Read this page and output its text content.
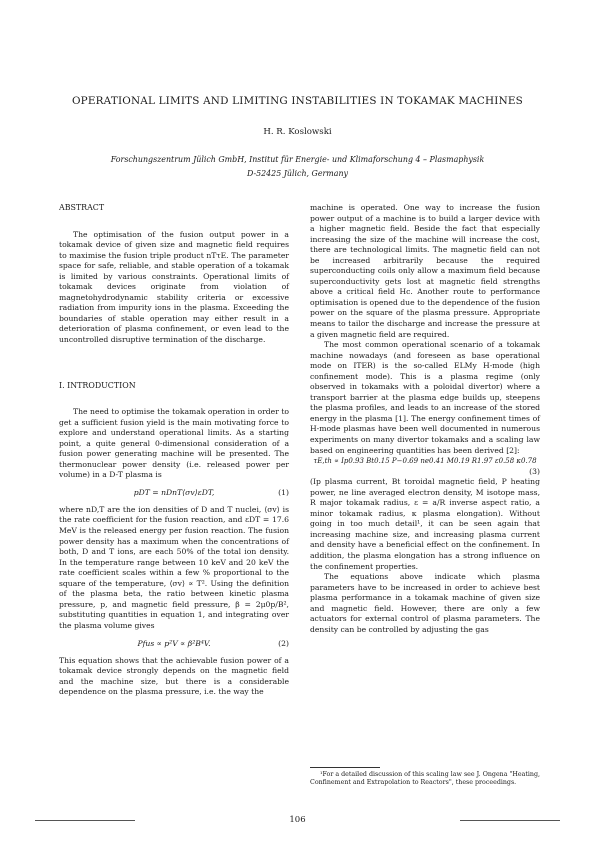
OPERATIONAL LIMITS AND LIMITING INSTABILITIES IN TOKAMAK MACHINES
H. R. Koslowski
Forschungszentrum Jülich GmbH, Institut für Energie- und Klimaforschung 4 – Plasmaphysik
D-52425 Jülich, Germany

ABSTRACT

The optimisation of the fusion output power in a tokamak device of given size and magnetic field requires to maximise the fusion triple product nTτE. The parameter space for safe, reliable, and stable operation of a tokamak is limited by various constraints. Operational limits of tokamak devices originate from violation of magnetohydrodynamic stability criteria or excessive radiation from impurity ions in the plasma. Exceeding the boundaries of stable operation may either result in a deterioration of plasma confinement, or even lead to the uncontrolled disruptive termination of the discharge.

I. INTRODUCTION

The need to optimise the tokamak operation in order to get a sufficient fusion yield is the main motivating force to explore and understand operational limits. As a starting point, a quite general 0-dimensional consideration of a fusion power generating machine will be presented. The thermonuclear power density (i.e. released power per volume) in a D-T plasma is

pDT = nDnT⟨σv⟩εDT,	(1)

where nD,T are the ion densities of D and T nuclei, ⟨σv⟩ is the rate coefficient for the fusion reaction, and εDT = 17.6 MeV is the released energy per fusion reaction. The fusion power density has a maximum when the concentrations of both, D and T ions, are each 50% of the total ion density. In the temperature range between 10 keV and 20 keV the rate coefficient scales within a few % proportional to the square of the temperature, ⟨σv⟩ ∝ T². Using the definition of the plasma beta, the ratio between kinetic plasma pressure, p, and magnetic field pressure, β = 2μ0p/B², substituting quantities in equation 1, and integrating over the plasma volume gives

Pfus ∝ p²V ∝ β²B⁴V.	(2)

This equation shows that the achievable fusion power of a tokamak device strongly depends on the magnetic field and the machine size, but there is a considerable dependence on the plasma pressure, i.e. the way the

machine is operated. One way to increase the fusion power output of a machine is to build a larger device with a higher magnetic field. Beside the fact that especially increasing the size of the machine will increase the cost, there are technological limits. The magnetic field can not be increased arbitrarily because the required superconducting coils only allow a maximum field because superconductivity gets lost at magnetic field strengths above a critical field Hc. Another route to performance optimisation is opened due to the dependence of the fusion power on the square of the plasma pressure. Appropriate means to tailor the discharge and increase the pressure at a given magnetic field are required.

The most common operational scenario of a tokamak machine nowadays (and foreseen as base operational mode on ITER) is the so-called ELMy H-mode (high confinement mode). This is a plasma regime (only observed in tokamaks with a poloidal divertor) where a transport barrier at the plasma edge builds up, steepens the plasma profiles, and leads to an increase of the stored energy in the plasma [1]. The energy confinement times of H-mode plasmas have been well documented in numerous experiments on many divertor tokamaks and a scaling law based on engineering quantities has been derived [2]:

τE,th ∝ Ip0.93 Bt0.15 P−0.69 ne0.41 M0.19 R1.97 ε0.58 κ0.78

(3)

(Ip plasma current, Bt toroidal magnetic field, P heating power, ne line averaged electron density, M isotope mass, R major tokamak radius, ε = a/R inverse aspect ratio, a minor tokamak radius, κ plasma elongation). Without going in too much detail¹, it can be seen again that increasing machine size, and increasing plasma current and density have a beneficial effect on the confinement. In addition, the plasma elongation has a strong influence on the confinement properties.

The equations above indicate which plasma parameters have to be increased in order to achieve best plasma performance in a tokamak machine of given size and magnetic field. However, there are only a few actuators for external control of plasma parameters. The density can be controlled by adjusting the gas

¹For a detailed discussion of this scaling law see J. Ongena "Heating, Confinement and Extrapolation to Reactors", these proceedings.

106
